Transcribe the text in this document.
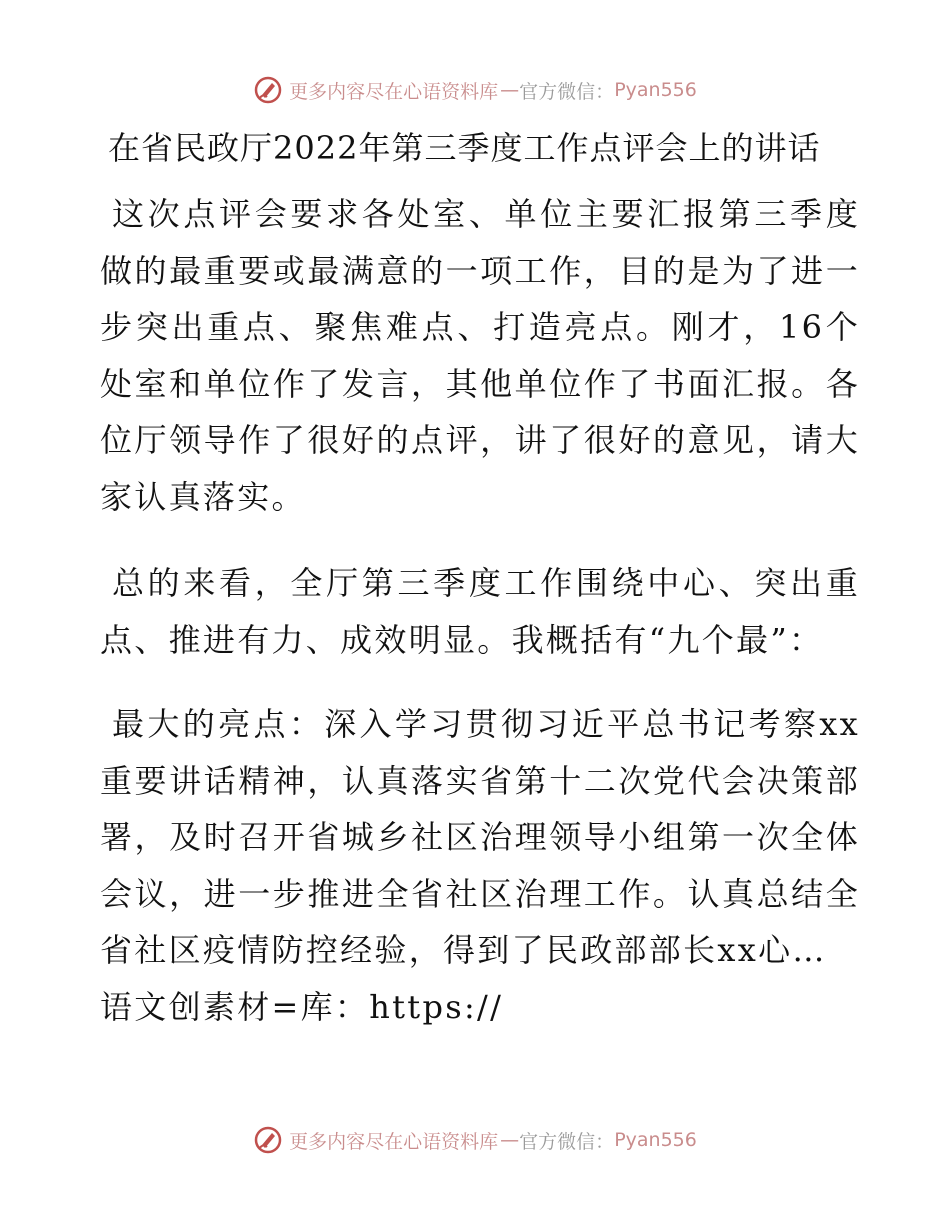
更多内容尽在心语资料库 — 官方微信： Pyan556
在省民政厅2022年第三季度工作点评会上的讲话

这次点评会要求各处室、单位主要汇报第三季度做的最重要或最满意的一项工作，目的是为了进一步突出重点、聚焦难点、打造亮点。刚才，16个处室和单位作了发言，其他单位作了书面汇报。各位厅领导作了很好的点评，讲了很好的意见，请大家认真落实。

总的来看，全厅第三季度工作围绕中心、突出重点、推进有力、成效明显。我概括有“九个最”：

最大的亮点：深入学习贯彻习近平总书记考察xx重要讲话精神，认真落实省第十二次党代会决策部署，及时召开省城乡社区治理领导小组第一次全体会议，进一步推进全省社区治理工作。认真总结全省社区疫情防控经验，得到了民政部部长xx心…

语文创素材=库：https://

更多内容尽在心语资料库 — 官方微信： Pyan556
